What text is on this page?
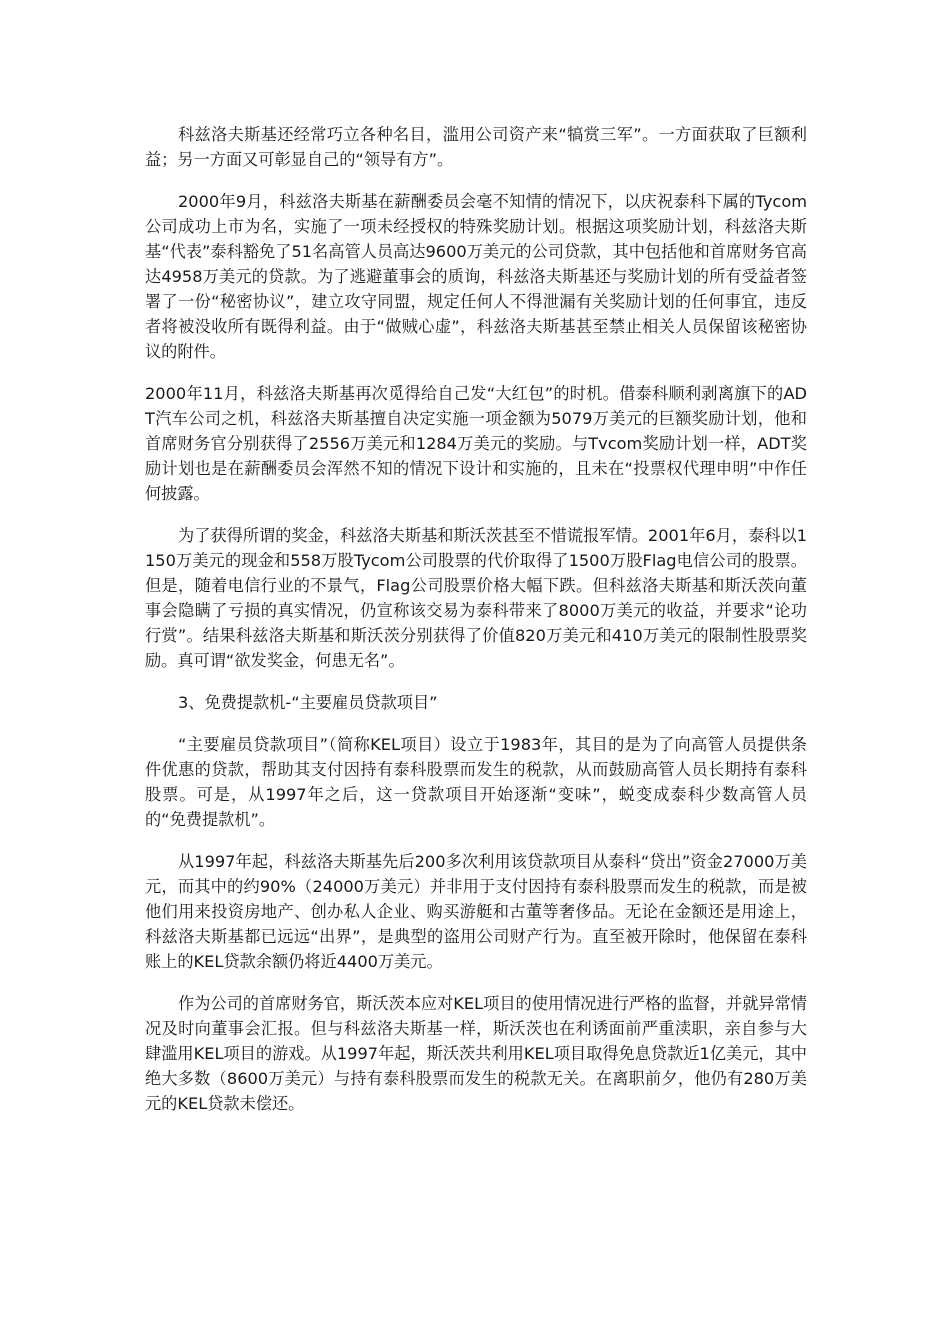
科兹洛夫斯基还经常巧立各种名目，滥用公司资产来“犒赏三军”。一方面获取了巨额利益；另一方面又可彰显自己的“领导有方”。

2000年9月，科兹洛夫斯基在薪酬委员会毫不知情的情况下，以庆祝泰科下属的Tycom公司成功上市为名，实施了一项未经授权的特殊奖励计划。根据这项奖励计划，科兹洛夫斯基“代表”泰科豁免了51名高管人员高达9600万美元的公司贷款，其中包括他和首席财务官高达4958万美元的贷款。为了逃避董事会的质询，科兹洛夫斯基还与奖励计划的所有受益者签署了一份“秘密协议”，建立攻守同盟，规定任何人不得泄漏有关奖励计划的任何事宜，违反者将被没收所有既得利益。由于“做贼心虚”，科兹洛夫斯基甚至禁止相关人员保留该秘密协议的附件。

2000年11月，科兹洛夫斯基再次觅得给自己发“大红包”的时机。借泰科顺利剥离旗下的ADT汽车公司之机，科兹洛夫斯基擅自决定实施一项金额为5079万美元的巨额奖励计划，他和首席财务官分别获得了2556万美元和1284万美元的奖励。与Tvcom奖励计划一样，ADT奖励计划也是在薪酬委员会浑然不知的情况下设计和实施的，且未在“投票权代理申明”中作任何披露。

为了获得所谓的奖金，科兹洛夫斯基和斯沃茨甚至不惜谎报军情。2001年6月，泰科以1150万美元的现金和558万股Tycom公司股票的代价取得了1500万股Flag电信公司的股票。但是，随着电信行业的不景气，Flag公司股票价格大幅下跌。但科兹洛夫斯基和斯沃茨向董事会隐瞒了亏损的真实情况，仍宣称该交易为泰科带来了8000万美元的收益，并要求“论功行赏”。结果科兹洛夫斯基和斯沃茨分别获得了价值820万美元和410万美元的限制性股票奖励。真可谓“欲发奖金，何患无名”。

3、免费提款机-“主要雇员贷款项目”

“主要雇员贷款项目”（简称KEL项目）设立于1983年，其目的是为了向高管人员提供条件优惠的贷款，帮助其支付因持有泰科股票而发生的税款，从而鼓励高管人员长期持有泰科股票。可是，从1997年之后，这一贷款项目开始逐渐“变味”，蜕变成泰科少数高管人员的“免费提款机”。

从1997年起，科兹洛夫斯基先后200多次利用该贷款项目从泰科“贷出”资金27000万美元，而其中的约90%（24000万美元）并非用于支付因持有泰科股票而发生的税款，而是被他们用来投资房地产、创办私人企业、购买游艇和古董等奢侈品。无论在金额还是用途上，科兹洛夫斯基都已远远“出界”，是典型的盗用公司财产行为。直至被开除时，他保留在泰科账上的KEL贷款余额仍将近4400万美元。

作为公司的首席财务官，斯沃茨本应对KEL项目的使用情况进行严格的监督，并就异常情况及时向董事会汇报。但与科兹洛夫斯基一样，斯沃茨也在利诱面前严重渎职，亲自参与大肆滥用KEL项目的游戏。从1997年起，斯沃茨共利用KEL项目取得免息贷款近1亿美元，其中绝大多数（8600万美元）与持有泰科股票而发生的税款无关。在离职前夕，他仍有280万美元的KEL贷款未偿还。
